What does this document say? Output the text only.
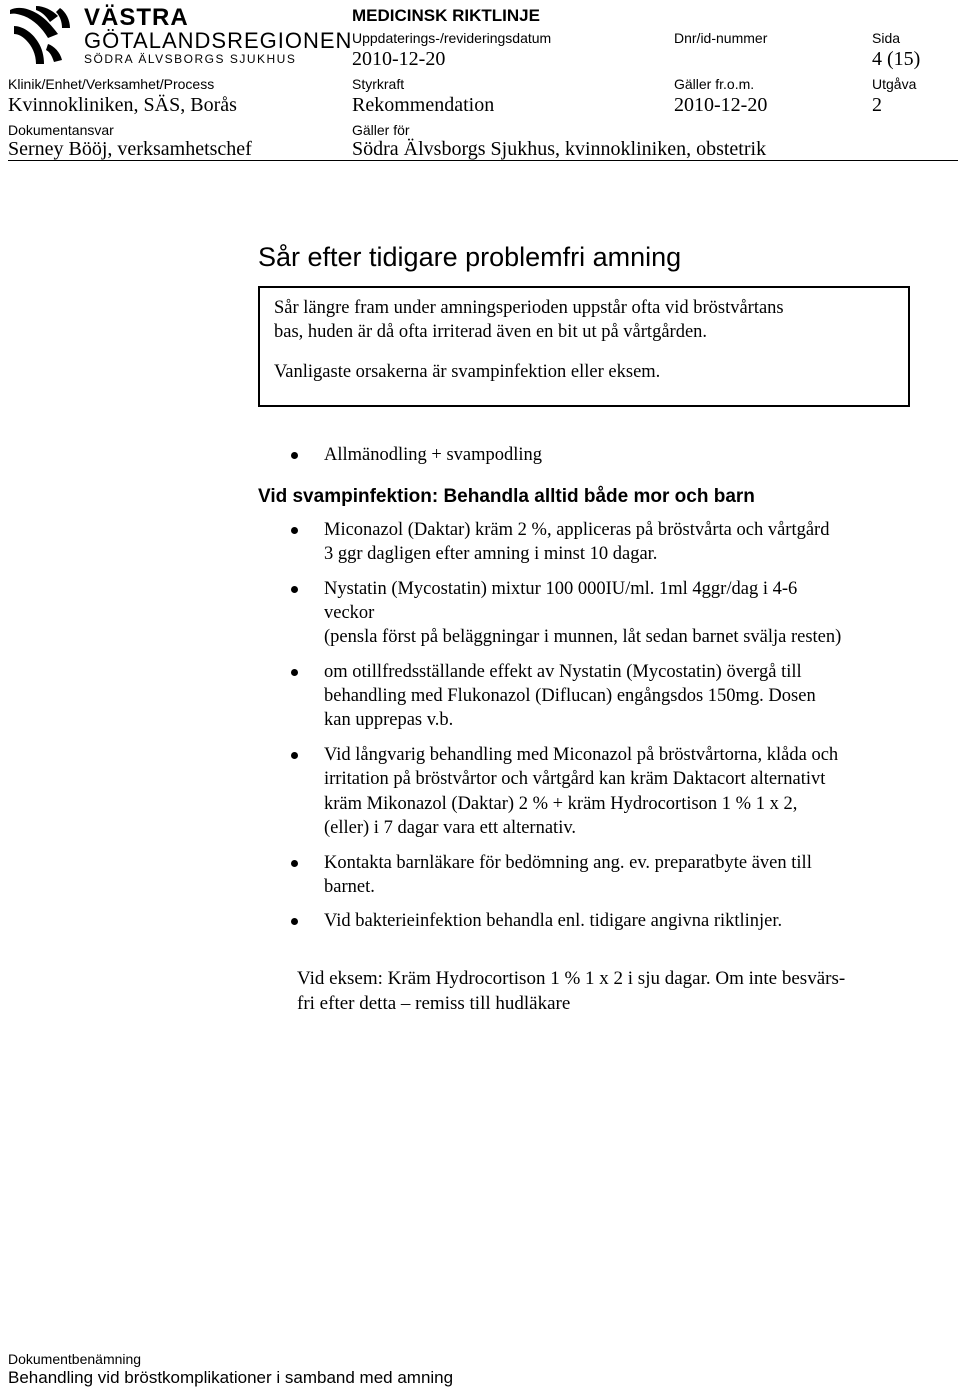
VÄSTRA
GÖTALANDSREGIONEN
SÖDRA ÄLVSBORGS SJUKHUS
MEDICINSK RIKTLINJE
Uppdaterings-/revideringsdatum
2010-12-20
Dnr/id-nummer	Sida
4 (15)
Klinik/Enhet/Verksamhet/Process
Kvinnokliniken, SÄS, Borås
Styrkraft
Rekommendation
Gäller fr.o.m.
2010-12-20
Utgåva
2
Dokumentansvar
Serney Bööj, verksamhetschef
Gäller för
Södra Älvsborgs Sjukhus, kvinnokliniken, obstetrik
Sår efter tidigare problemfri amning

Sår längre fram under amningsperioden uppstår ofta vid bröstvårtans

bas, huden är då ofta irriterad även en bit ut på vårtgården.

Vanligaste orsakerna är svampinfektion eller eksem.

Allmänodling + svampodling
Vid svampinfektion: Behandla alltid både mor och barn
Miconazol (Daktar) kräm 2 %, appliceras på bröstvårta och vårtgård
3 ggr dagligen efter amning i minst 10 dagar.
Nystatin (Mycostatin) mixtur 100 000IU/ml. 1ml 4ggr/dag i 4-6
veckor
(pensla först på beläggningar i munnen, låt sedan barnet svälja resten)
om otillfredsställande effekt av Nystatin (Mycostatin) övergå till
behandling med Flukonazol (Diflucan) engångsdos 150mg. Dosen
kan upprepas v.b.
Vid långvarig behandling med Miconazol på bröstvårtorna, klåda och
irritation på bröstvårtor och vårtgård kan kräm Daktacort alternativt
kräm Mikonazol (Daktar) 2 % + kräm Hydrocortison 1 % 1 x 2,
(eller) i 7 dagar vara ett alternativ.
Kontakta barnläkare för bedömning ang. ev. preparatbyte även till
barnet.
Vid bakterieinfektion behandla enl. tidigare angivna riktlinjer.
Vid eksem: Kräm Hydrocortison 1 % 1 x 2 i sju dagar. Om inte besvärs-
fri efter detta – remiss till hudläkare
Dokumentbenämning
Behandling vid bröstkomplikationer i samband med amning
